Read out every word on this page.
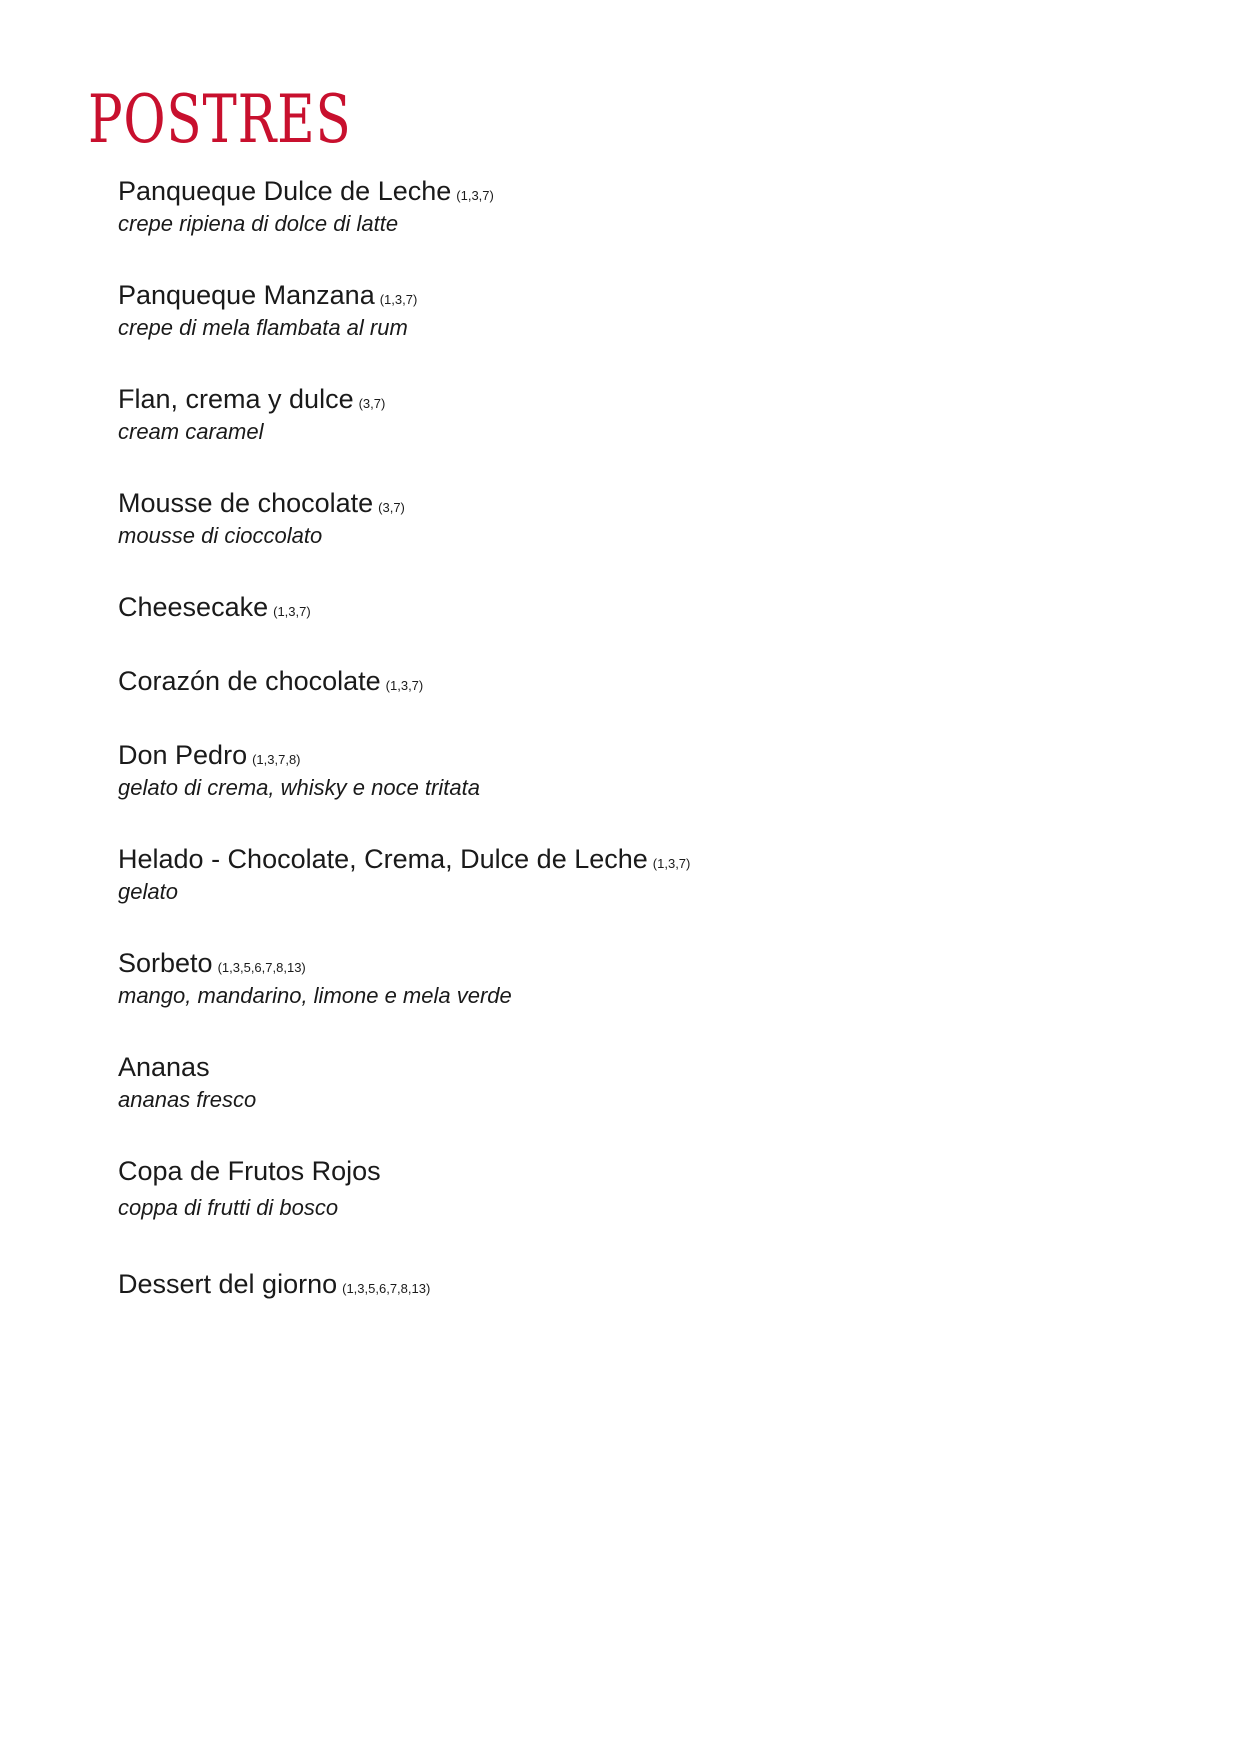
POSTRES
Panqueque Dulce de Leche (1,3,7)
crepe ripiena di dolce di latte
Panqueque Manzana (1,3,7)
crepe di mela flambata al rum
Flan, crema y dulce (3,7)
cream caramel
Mousse de chocolate (3,7)
mousse di cioccolato
Cheesecake (1,3,7)
Corazón de chocolate (1,3,7)
Don Pedro (1,3,7,8)
gelato di crema, whisky e noce tritata
Helado - Chocolate, Crema, Dulce de Leche (1,3,7)
gelato
Sorbeto (1,3,5,6,7,8,13)
mango, mandarino, limone e mela verde
Ananas
ananas fresco
Copa de Frutos Rojos
coppa di frutti di bosco
Dessert del giorno (1,3,5,6,7,8,13)
